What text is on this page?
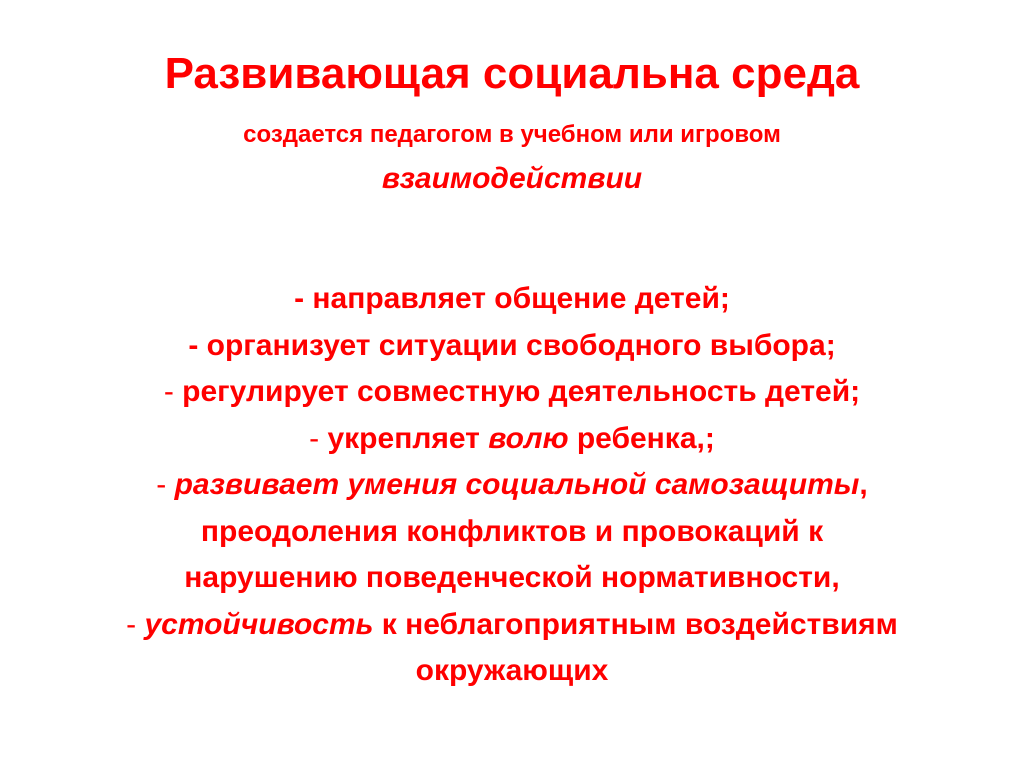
Развивающая социальна среда
создается педагогом в учебном или игровом
взаимодействии
- направляет общение детей;
- организует ситуации свободного выбора;
- регулирует совместную деятельность детей;
- укрепляет волю ребенка,;
- развивает умения социальной самозащиты,
преодоления конфликтов и провокаций к
нарушению поведенческой нормативности,
- устойчивость к неблагоприятным воздействиям
окружающих
